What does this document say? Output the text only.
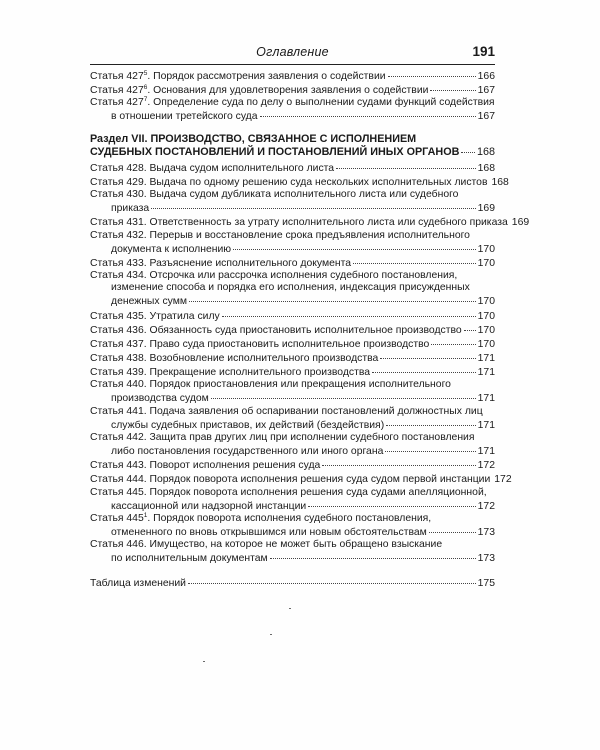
Оглавление	191
Статья $427^5$. Порядок рассмотрения заявления о содействии	166
Статья $427^6$. Основания для удовлетворения заявления о содействии	167
Статья $427^7$. Определение суда по делу о выполнении судами функций содействия
в отношении третейского суда	167
Раздел VII. ПРОИЗВОДСТВО, СВЯЗАННОЕ С ИСПОЛНЕНИЕМ
СУДЕБНЫХ ПОСТАНОВЛЕНИЙ И ПОСТАНОВЛЕНИЙ ИНЫХ ОРГАНОВ 168
Статья 428. Выдача судом исполнительного листа	168
Статья 429. Выдача по одному решению суда нескольких исполнительных листов 168
Статья 430. Выдача судом дубликата исполнительного листа или судебного
приказа	169
Статья 431. Ответственность за утрату исполнительного листа или судебного приказа 169
Статья 432. Перерыв и восстановление срока предъявления исполнительного
документа к исполнению	170
Статья 433. Разъяснение исполнительного документа	170
Статья 434. Отсрочка или рассрочка исполнения судебного постановления,
изменение способа и порядка его исполнения, индексация присужденных
денежных сумм	170
Статья 435. Утратила силу	170
Статья 436. Обязанность суда приостановить исполнительное производство 170
Статья 437. Право суда приостановить исполнительное производство	170
Статья 438. Возобновление исполнительного производства	171
Статья 439. Прекращение исполнительного производства	171
Статья 440. Порядок приостановления или прекращения исполнительного
производства судом	171
Статья 441. Подача заявления об оспаривании постановлений должностных лиц
службы судебных приставов, их действий (бездействия)	171
Статья 442. Защита прав других лиц при исполнении судебного постановления
либо постановления государственного или иного органа	171
Статья 443. Поворот исполнения решения суда	172
Статья 444. Порядок поворота исполнения решения суда судом первой инстанции 172
Статья 445. Порядок поворота исполнения решения суда судами апелляционной,
кассационной или надзорной инстанции	172
Статья $445^1$. Порядок поворота исполнения судебного постановления,
отмененного по вновь открывшимся или новым обстоятельствам	173
Статья 446. Имущество, на которое не может быть обращено взыскание
по исполнительным документам	173
Таблица изменений	175
